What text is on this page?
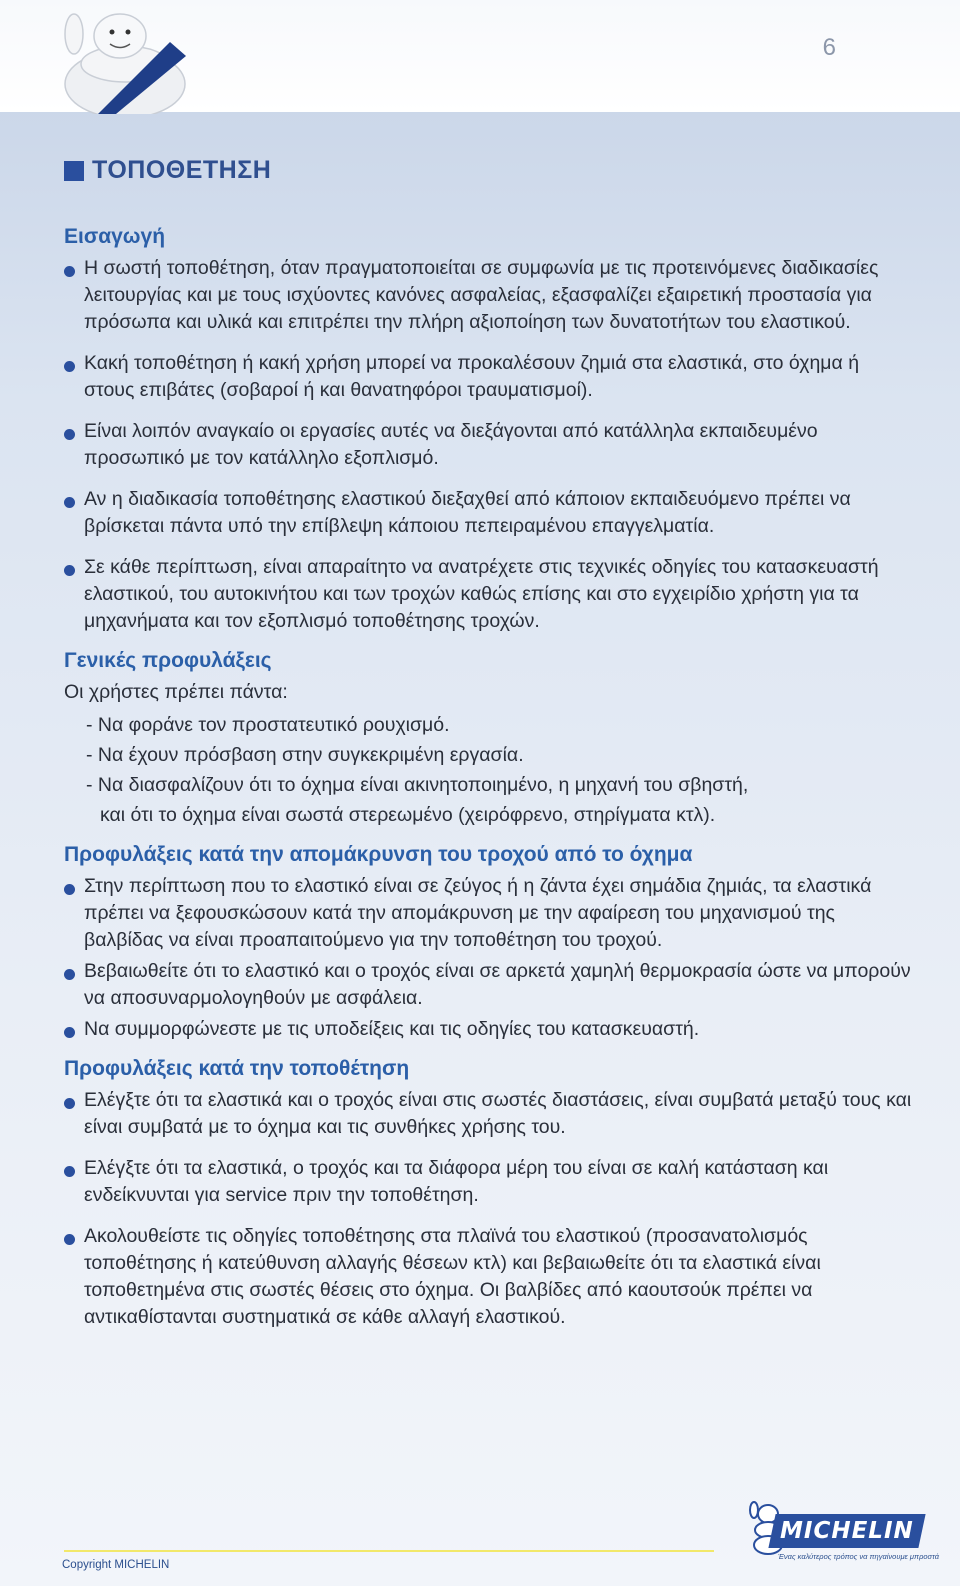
6
ΤΟΠΟΘΕΤΗΣΗ
Εισαγωγή
Η σωστή τοποθέτηση, όταν πραγματοποιείται σε συμφωνία με τις προτεινόμενες διαδικασίες λειτουργίας και με τους ισχύοντες κανόνες ασφαλείας, εξασφαλίζει εξαιρετική προστασία για πρόσωπα και υλικά και επιτρέπει την πλήρη αξιοποίηση των δυνατοτήτων του ελαστικού.
Κακή τοποθέτηση ή κακή χρήση μπορεί να προκαλέσουν ζημιά στα ελαστικά, στο όχημα ή στους επιβάτες (σοβαροί ή και θανατηφόροι τραυματισμοί).
Είναι λοιπόν αναγκαίο οι εργασίες αυτές να διεξάγονται από κατάλληλα εκπαιδευμένο προσωπικό με τον κατάλληλο εξοπλισμό.
Αν η διαδικασία τοποθέτησης ελαστικού διεξαχθεί από κάποιον εκπαιδευόμενο πρέπει να βρίσκεται πάντα υπό την επίβλεψη κάποιου πεπειραμένου επαγγελματία.
Σε κάθε περίπτωση, είναι απαραίτητο να ανατρέχετε στις τεχνικές οδηγίες του κατασκευαστή ελαστικού, του αυτοκινήτου και των τροχών καθώς επίσης και στο εγχειρίδιο χρήστη για τα μηχανήματα και τον εξοπλισμό τοποθέτησης τροχών.
Γενικές προφυλάξεις
Οι χρήστες πρέπει πάντα:
- Να φοράνε τον προστατευτικό ρουχισμό.
- Να έχουν πρόσβαση στην συγκεκριμένη εργασία.
- Να διασφαλίζουν ότι το όχημα είναι ακινητοποιημένο, η μηχανή του σβηστή,
και ότι το όχημα είναι σωστά στερεωμένο (χειρόφρενο, στηρίγματα κτλ).
Προφυλάξεις κατά την απομάκρυνση του τροχού από το όχημα
Στην περίπτωση που το ελαστικό είναι σε ζεύγος ή η ζάντα έχει σημάδια ζημιάς, τα ελαστικά πρέπει να ξεφουσκώσουν κατά την απομάκρυνση με την αφαίρεση του μηχανισμού της βαλβίδας να είναι προαπαιτούμενο για την τοποθέτηση του τροχού.
Βεβαιωθείτε ότι το ελαστικό και ο τροχός είναι σε αρκετά χαμηλή θερμοκρασία ώστε να μπορούν να αποσυναρμολογηθούν με ασφάλεια.
Να συμμορφώνεστε με τις υποδείξεις και τις οδηγίες του κατασκευαστή.
Προφυλάξεις κατά την τοποθέτηση
Ελέγξτε ότι τα ελαστικά και ο τροχός είναι στις σωστές διαστάσεις, είναι συμβατά μεταξύ τους και είναι συμβατά με το όχημα και τις συνθήκες χρήσης του.
Ελέγξτε ότι τα ελαστικά, ο τροχός και τα διάφορα μέρη του είναι σε καλή κατάσταση και ενδείκνυνται για service πριν την τοποθέτηση.
Ακολουθείστε τις οδηγίες τοποθέτησης στα πλαϊνά του ελαστικού (προσανατολισμός τοποθέτησης ή κατεύθυνση αλλαγής θέσεων κτλ) και βεβαιωθείτε ότι τα ελαστικά είναι τοποθετημένα στις σωστές θέσεις στο όχημα. Οι βαλβίδες από καουτσούκ πρέπει να αντικαθίστανται συστηματικά σε κάθε αλλαγή ελαστικού.
Copyright MICHELIN
MICHELIN
Ένας καλύτερος τρόπος να πηγαίνουμε μπροστά
